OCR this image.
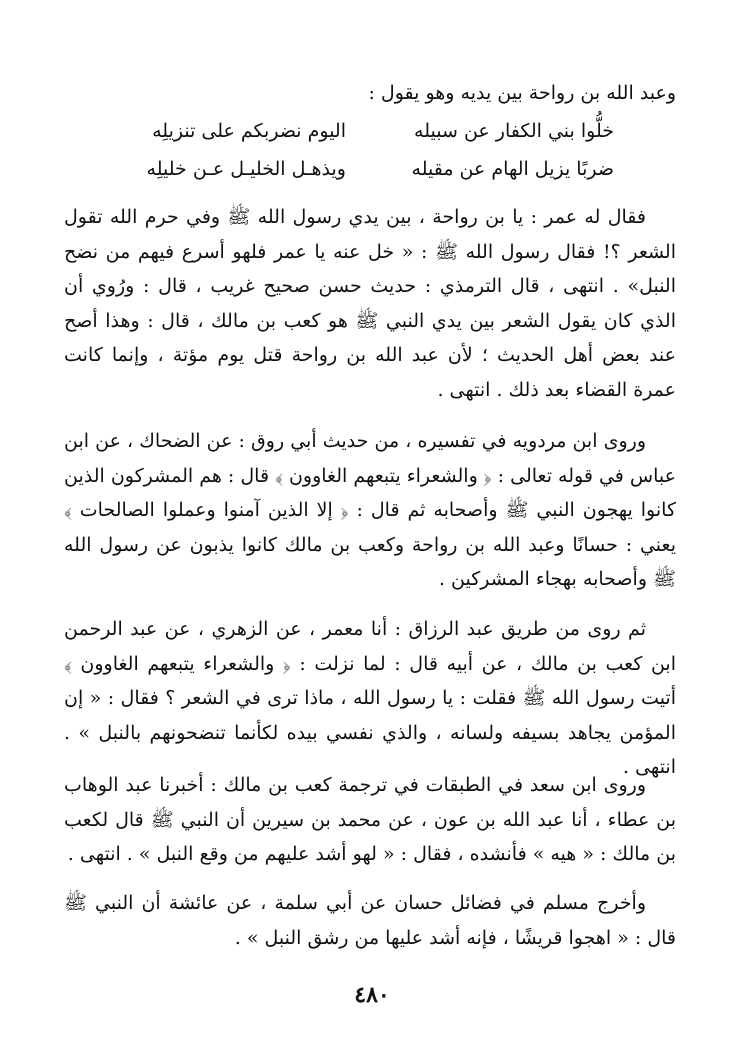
وعبد الله بن رواحة بين يديه وهو يقول :

خلُّوا بني الكفار عن سبيله
اليوم نضربكم على تنزيلِه
ضربًا يزيل الهام عن مقيله
ويذهـل الخليـل عـن خليلِه

فقال له عمر : يا بن رواحة ، بين يدي رسول الله ﷺ وفي حرم الله تقول الشعر ؟! فقال رسول الله ﷺ : « خل عنه يا عمر فلهو أسرع فيهم من نضح النبل» . انتهى ، قال الترمذي : حديث حسن صحيح غريب ، قال : ورُوي أن الذي كان يقول الشعر بين يدي النبي ﷺ هو كعب بن مالك ، قال : وهذا أصح عند بعض أهل الحديث ؛ لأن عبد الله بن رواحة قتل يوم مؤتة ، وإنما كانت عمرة القضاء بعد ذلك . انتهى .

وروى ابن مردويه في تفسيره ، من حديث أبي روق : عن الضحاك ، عن ابن عباس في قوله تعالى : ﴿ والشعراء يتبعهم الغاوون ﴾ قال : هم المشركون الذين كانوا يهجون النبي ﷺ وأصحابه ثم قال : ﴿ إلا الذين آمنوا وعملوا الصالحات ﴾ يعني : حسانًا وعبد الله بن رواحة وكعب بن مالك كانوا يذبون عن رسول الله ﷺ وأصحابه بهجاء المشركين .

ثم روى من طريق عبد الرزاق : أنا معمر ، عن الزهري ، عن عبد الرحمن ابن كعب بن مالك ، عن أبيه قال : لما نزلت : ﴿ والشعراء يتبعهم الغاوون ﴾ أتيت رسول الله ﷺ فقلت : يا رسول الله ، ماذا ترى في الشعر ؟ فقال : « إن المؤمن يجاهد بسيفه ولسانه ، والذي نفسي بيده لكأنما تنضحونهم بالنبل » . انتهى .

وروى ابن سعد في الطبقات في ترجمة كعب بن مالك : أخبرنا عبد الوهاب بن عطاء ، أنا عبد الله بن عون ، عن محمد بن سيرين أن النبي ﷺ قال لكعب بن مالك : « هيه » فأنشده ، فقال : « لهو أشد عليهم من وقع النبل » . انتهى .

وأخرج مسلم في فضائل حسان عن أبي سلمة ، عن عائشة أن النبي ﷺ قال : « اهجوا قريشًا ، فإنه أشد عليها من رشق النبل » .

٤٨٠
